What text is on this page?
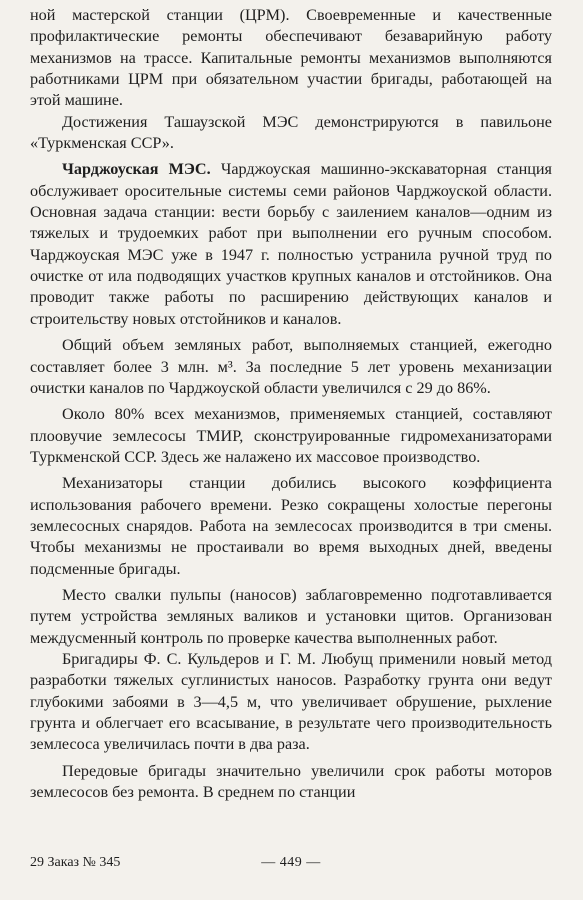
ной мастерской станции (ЦРМ). Своевременные и качественные профилактические ремонты обеспечивают безаварийную работу механизмов на трассе. Капитальные ремонты механизмов выполняются работниками ЦРМ при обязательном участии бригады, работающей на этой машине.

Достижения Ташаузской МЭС демонстрируются в павильоне «Туркменская ССР».

Чарджоуская МЭС. Чарджоуская машинно-экскаваторная станция обслуживает оросительные системы семи районов Чарджоуской области. Основная задача станции: вести борьбу с заилением каналов—одним из тяжелых и трудоемких работ при выполнении его ручным способом. Чарджоуская МЭС уже в 1947 г. полностью устранила ручной труд по очистке от ила подводящих участков крупных каналов и отстойников. Она проводит также работы по расширению действующих каналов и строительству новых отстойников и каналов.

Общий объем земляных работ, выполняемых станцией, ежегодно составляет более 3 млн. м³. За последние 5 лет уровень механизации очистки каналов по Чарджоуской области увеличился с 29 до 86%.

Около 80% всех механизмов, применяемых станцией, составляют плоовучие землесосы ТМИР, сконструированные гидромеханизаторами Туркменской ССР. Здесь же налажено их массовое производство.

Механизаторы станции добились высокого коэффициента использования рабочего времени. Резко сокращены холостые перегоны землесосных снарядов. Работа на землесосах производится в три смены. Чтобы механизмы не простаивали во время выходных дней, введены подсменные бригады.

Место свалки пульпы (наносов) заблаговременно подготавливается путем устройства земляных валиков и установки щитов. Организован междусменный контроль по проверке качества выполненных работ.

Бригадиры Ф. С. Кульдеров и Г. М. Любущ применили новый метод разработки тяжелых суглинистых наносов. Разработку грунта они ведут глубокими забоями в 3—4,5 м, что увеличивает обрушение, рыхление грунта и облегчает его всасывание, в результате чего производительность землесоса увеличилась почти в два раза.

Передовые бригады значительно увеличили срок работы моторов землесосов без ремонта. В среднем по станции

29 Заказ № 345	— 449 —
